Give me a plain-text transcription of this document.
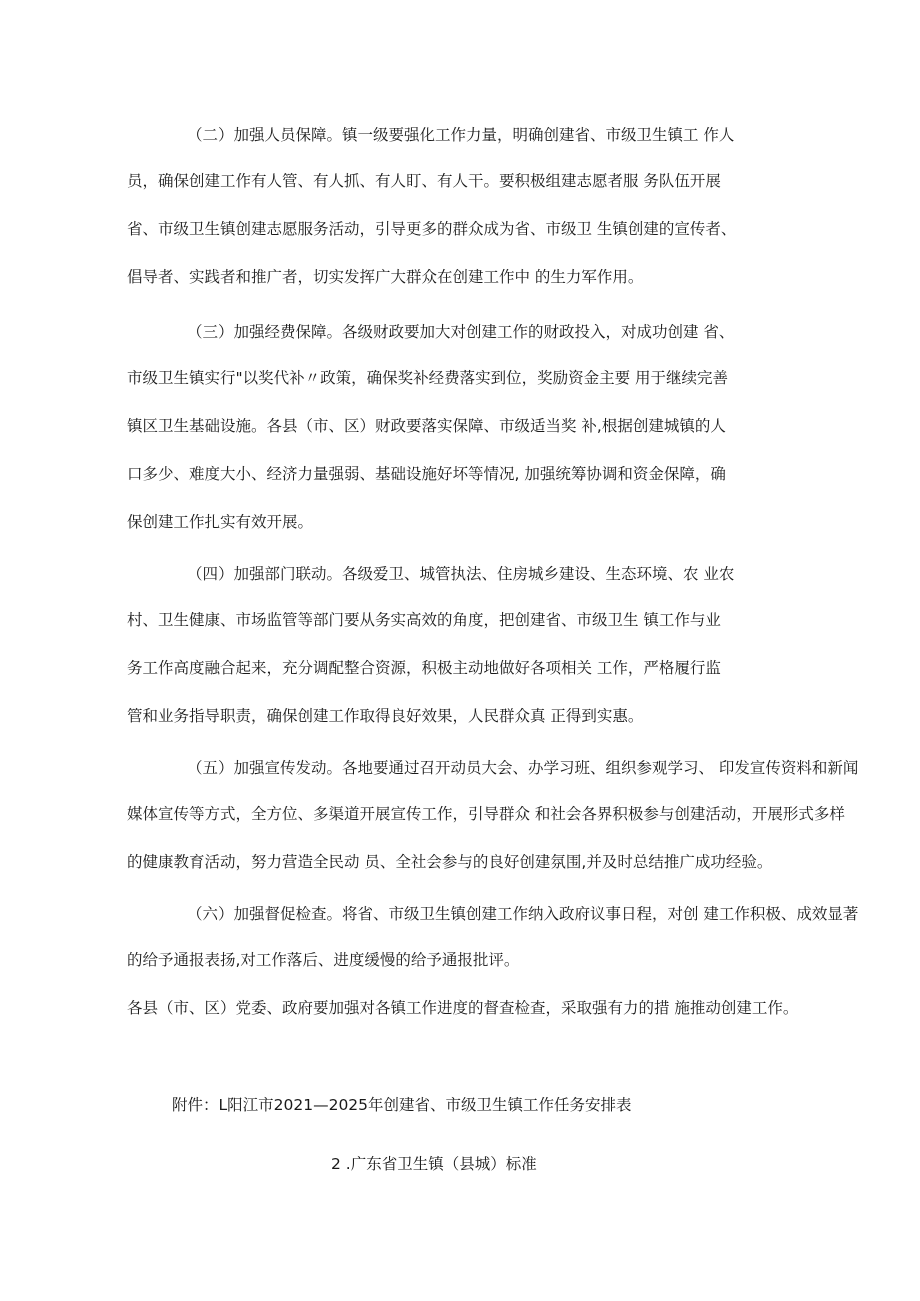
（二）加强人员保障。镇一级要强化工作力量，明确创建省、市级卫生镇工 作人
员，确保创建工作有人管、有人抓、有人盯、有人干。要积极组建志愿者服 务队伍开展
省、市级卫生镇创建志愿服务活动，引导更多的群众成为省、市级卫 生镇创建的宣传者、
倡导者、实践者和推广者，切实发挥广大群众在创建工作中 的生力军作用。
（三）加强经费保障。各级财政要加大对创建工作的财政投入，对成功创建 省、
市级卫生镇实行"以奖代补〃政策，确保奖补经费落实到位，奖励资金主要 用于继续完善
镇区卫生基础设施。各县（市、区）财政要落实保障、市级适当奖 补,根据创建城镇的人
口多少、难度大小、经济力量强弱、基础设施好坏等情况, 加强统筹协调和资金保障，确
保创建工作扎实有效开展。
（四）加强部门联动。各级爱卫、城管执法、住房城乡建设、生态环境、农 业农
村、卫生健康、市场监管等部门要从务实高效的角度，把创建省、市级卫生 镇工作与业
务工作高度融合起来，充分调配整合资源，积极主动地做好各项相关 工作，严格履行监
管和业务指导职责，确保创建工作取得良好效果，人民群众真 正得到实惠。
（五）加强宣传发动。各地要通过召开动员大会、办学习班、组织参观学习、 印发宣传资料和新闻
媒体宣传等方式，全方位、多渠道开展宣传工作，引导群众 和社会各界积极参与创建活动，开展形式多样
的健康教育活动，努力营造全民动 员、全社会参与的良好创建氛围,并及时总结推广成功经验。
（六）加强督促检查。将省、市级卫生镇创建工作纳入政府议事日程，对创 建工作积极、成效显著
的给予通报表扬,对工作落后、进度缓慢的给予通报批评。
各县（市、区）党委、政府要加强对各镇工作进度的督查检查，采取强有力的措 施推动创建工作。
附件：L阳江市2021—2025年创建省、市级卫生镇工作任务安排表
2 .广东省卫生镇（县城）标准
